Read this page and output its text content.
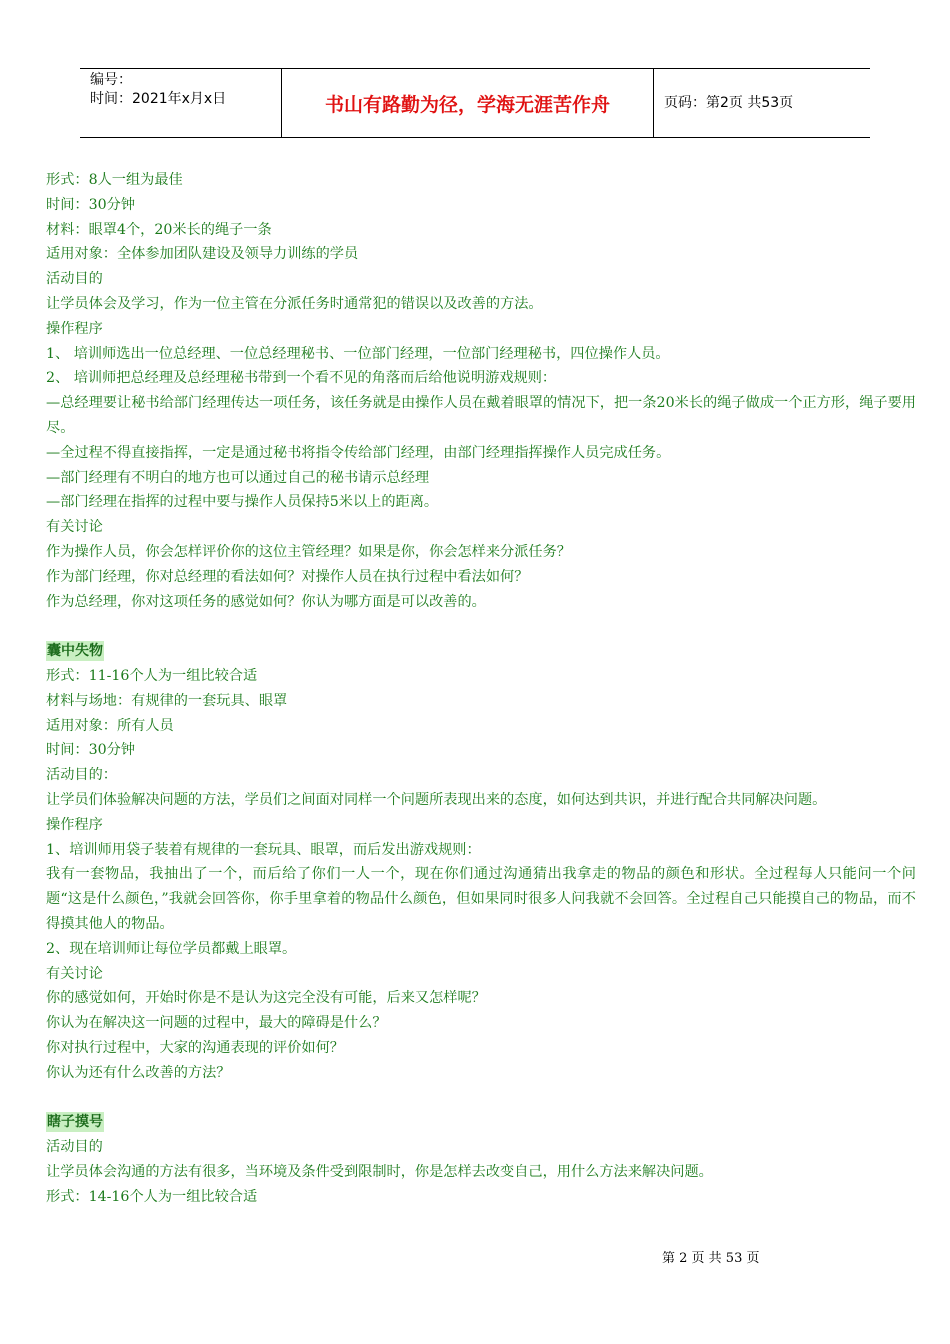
编号：
时间：2021年x月x日	书山有路勤为径，学海无涯苦作舟	页码：第2页 共53页
形式：8人一组为最佳
时间：30分钟
材料：眼罩4个，20米长的绳子一条
适用对象：全体参加团队建设及领导力训练的学员
活动目的
让学员体会及学习，作为一位主管在分派任务时通常犯的错误以及改善的方法。
操作程序
1、 培训师选出一位总经理、一位总经理秘书、一位部门经理，一位部门经理秘书，四位操作人员。
2、 培训师把总经理及总经理秘书带到一个看不见的角落而后给他说明游戏规则：
—总经理要让秘书给部门经理传达一项任务，该任务就是由操作人员在戴着眼罩的情况下，把一条20米长的绳子做成一个正方形，绳子要用尽。
—全过程不得直接指挥，一定是通过秘书将指令传给部门经理，由部门经理指挥操作人员完成任务。
—部门经理有不明白的地方也可以通过自己的秘书请示总经理
—部门经理在指挥的过程中要与操作人员保持5米以上的距离。
有关讨论
作为操作人员，你会怎样评价你的这位主管经理？如果是你，你会怎样来分派任务？
作为部门经理，你对总经理的看法如何？对操作人员在执行过程中看法如何？
作为总经理，你对这项任务的感觉如何？你认为哪方面是可以改善的。
囊中失物
形式：11-16个人为一组比较合适
材料与场地：有规律的一套玩具、眼罩
适用对象：所有人员
时间：30分钟
活动目的：
让学员们体验解决问题的方法，学员们之间面对同样一个问题所表现出来的态度，如何达到共识，并进行配合共同解决问题。
操作程序
1、培训师用袋子装着有规律的一套玩具、眼罩，而后发出游戏规则：
我有一套物品，我抽出了一个，而后给了你们一人一个，现在你们通过沟通猜出我拿走的物品的颜色和形状。全过程每人只能问一个问题“这是什么颜色，”我就会回答你，你手里拿着的物品什么颜色，但如果同时很多人问我就不会回答。全过程自己只能摸自己的物品，而不得摸其他人的物品。
2、现在培训师让每位学员都戴上眼罩。
有关讨论
你的感觉如何，开始时你是不是认为这完全没有可能，后来又怎样呢？
你认为在解决这一问题的过程中，最大的障碍是什么？
你对执行过程中，大家的沟通表现的评价如何？
你认为还有什么改善的方法？
瞎子摸号
活动目的
让学员体会沟通的方法有很多，当环境及条件受到限制时，你是怎样去改变自己，用什么方法来解决问题。
形式：14-16个人为一组比较合适
第 2 页 共 53 页
